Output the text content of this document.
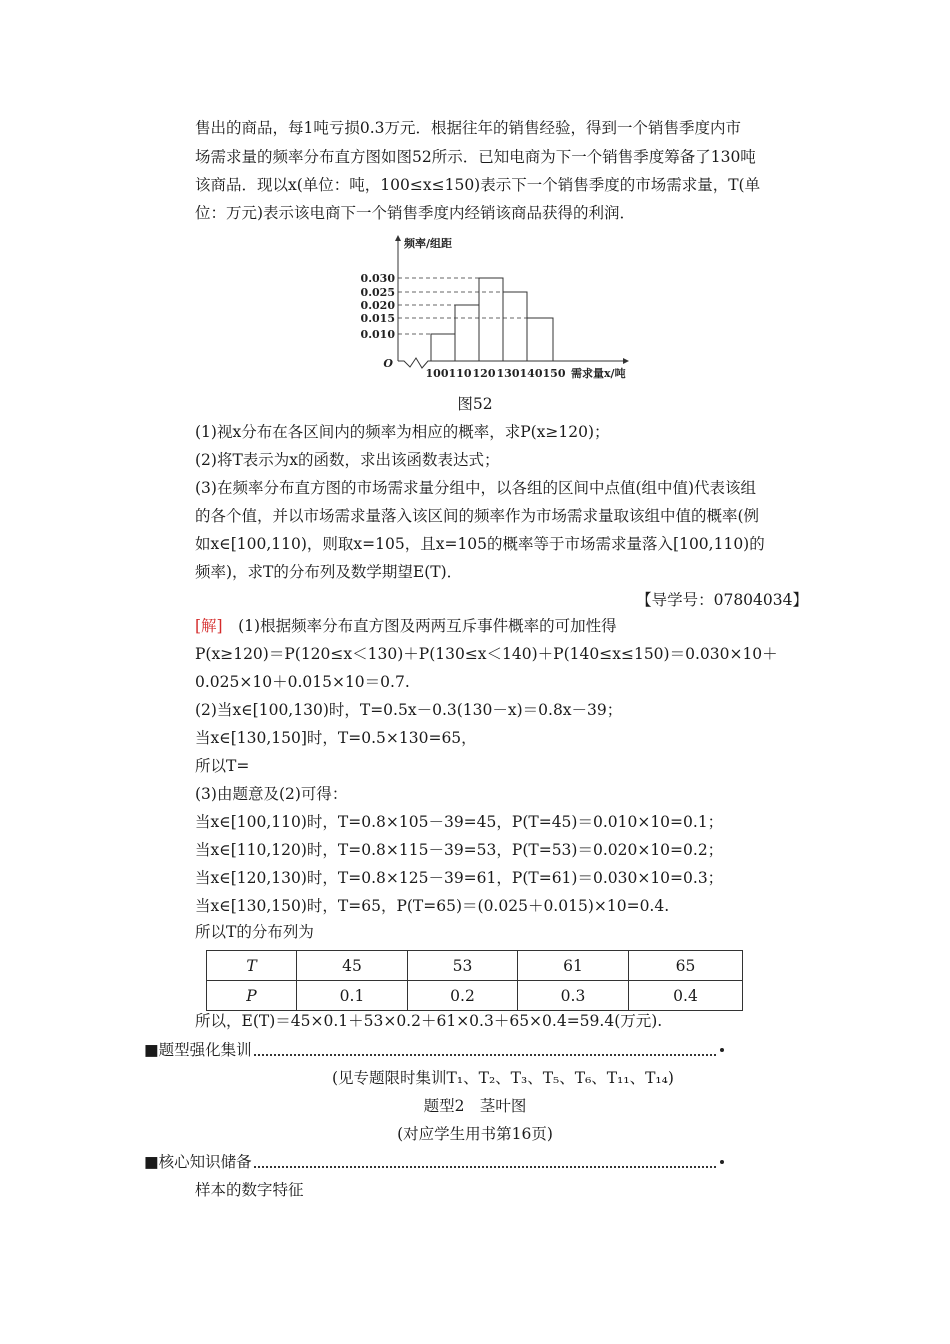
售出的商品，每1吨亏损0.3万元．根据往年的销售经验，得到一个销售季度内市
场需求量的频率分布直方图如图52所示．已知电商为下一个销售季度筹备了130吨
该商品．现以x(单位：吨，100≤x≤150)表示下一个销售季度的市场需求量，T(单
位：万元)表示该电商下一个销售季度内经销该商品获得的利润．
频率/组距
0.030
0.025
0.020
0.015
0.010
O
100 110 120 130 140 150 需求量x/吨
图52
(1)视x分布在各区间内的频率为相应的概率，求P(x≥120)；
(2)将T表示为x的函数，求出该函数表达式；
(3)在频率分布直方图的市场需求量分组中，以各组的区间中点值(组中值)代表该组
的各个值，并以市场需求量落入该区间的频率作为市场需求量取该组中值的概率(例
如x∈[100,110)，则取x=105，且x=105的概率等于市场需求量落入[100,110)的
频率)，求T的分布列及数学期望E(T)．
【导学号：07804034】
[解]　(1)根据频率分布直方图及两两互斥事件概率的可加性得
P(x≥120)＝P(120≤x＜130)＋P(130≤x＜140)＋P(140≤x≤150)＝0.030×10＋
0.025×10＋0.015×10＝0.7.
(2)当x∈[100,130)时，T=0.5x－0.3(130－x)＝0.8x－39；
当x∈[130,150]时，T=0.5×130=65，
所以T=
(3)由题意及(2)可得：
当x∈[100,110)时，T=0.8×105－39=45，P(T=45)＝0.010×10=0.1；
当x∈[110,120)时，T=0.8×115－39=53，P(T=53)＝0.020×10=0.2；
当x∈[120,130)时，T=0.8×125－39=61，P(T=61)＝0.030×10=0.3；
当x∈[130,150)时，T=65，P(T=65)＝(0.025＋0.015)×10=0.4.
所以T的分布列为
T	45	53	61	65
P	0.1	0.2	0.3	0.4
所以，E(T)＝45×0.1＋53×0.2＋61×0.3＋65×0.4=59.4(万元).
■题型强化集训
(见专题限时集训T₁、T₂、T₃、T₅、T₆、T₁₁、T₁₄)
题型2　茎叶图
(对应学生用书第16页)
■核心知识储备
样本的数字特征
